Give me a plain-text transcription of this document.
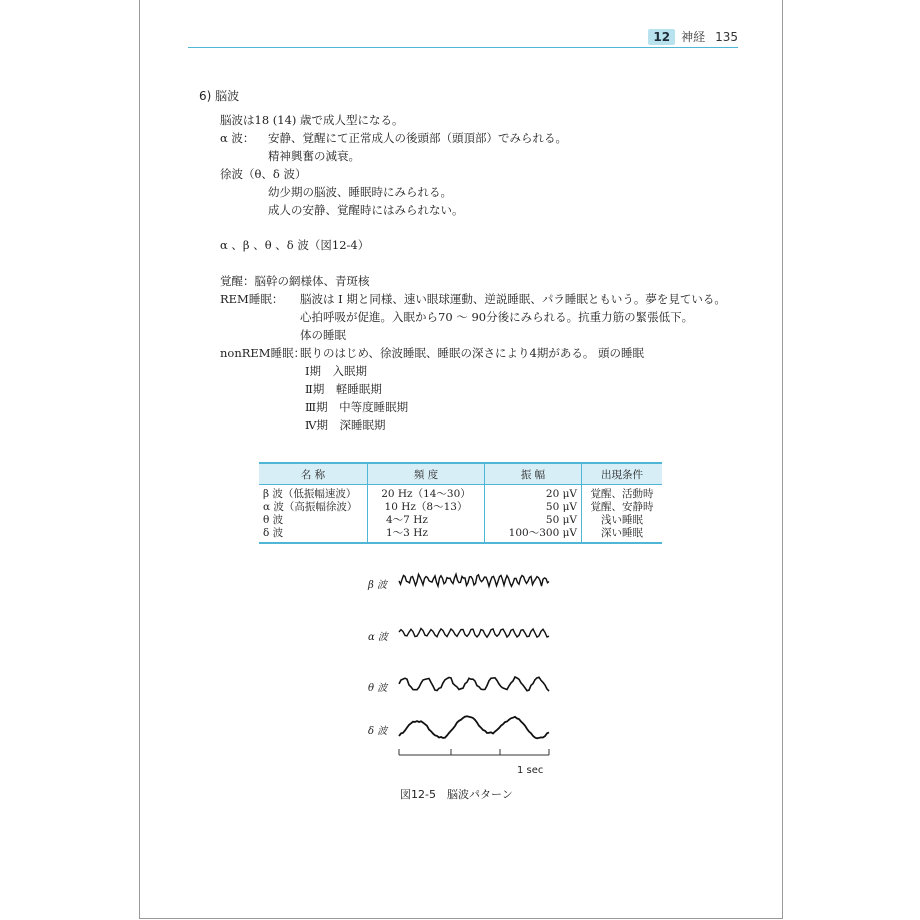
12 神経 135
6) 脳波
脳波は18 (14) 歳で成人型になる。
α 波： 安静、覚醒にて正常成人の後頭部（頭頂部）でみられる。
精神興奮の減衰。
徐波（θ、δ 波）
幼少期の脳波、睡眠時にみられる。
成人の安静、覚醒時にはみられない。
α 、β 、θ 、δ 波（図12-4）
覚醒：脳幹の網様体、青斑核
REM睡眠： 脳波は I 期と同様、速い眼球運動、逆説睡眠、パラ睡眠ともいう。夢を見ている。
心拍呼吸が促進。入眠から70 ～ 90分後にみられる。抗重力筋の緊張低下。
体の睡眠
nonREM睡眠：
眠りのはじめ、徐波睡眠、睡眠の深さにより4期がある。 頭の睡眠
Ⅰ期　入眠期
Ⅱ期　軽睡眠期
Ⅲ期　中等度睡眠期
Ⅳ期　深睡眠期
名 称	頻 度	振 幅	出現条件
β 波（低振幅速波）	20 Hz（14～30）	20 μV	覚醒、活動時
α 波（高振幅徐波）	10 Hz（8～13）	50 μV	覚醒、安静時
θ 波	4～7 Hz	50 μV	浅い睡眠
δ 波	1～3 Hz	100～300 μV	深い睡眠
β 波
α 波
θ 波
δ 波
1 sec
図12-5　脳波パターン
